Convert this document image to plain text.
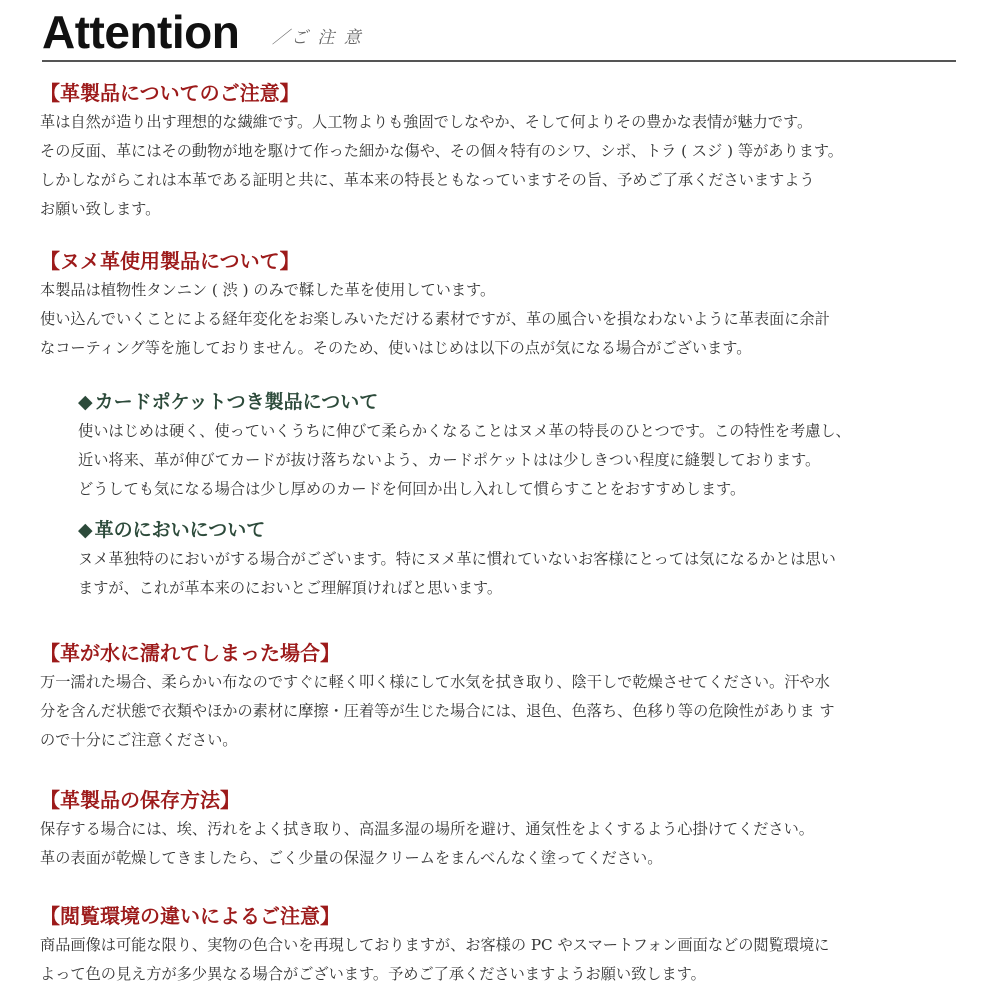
Attention ／ご 注 意
【革製品についてのご注意】
革は自然が造り出す理想的な繊維です。人工物よりも強固でしなやか、そして何よりその豊かな表情が魅力です。
その反面、革にはその動物が地を駆けて作った細かな傷や、その個々特有のシワ、シボ、トラ ( スジ ) 等があります。
しかしながらこれは本革である証明と共に、革本来の特長ともなっていますその旨、予めご了承くださいますよう
お願い致します。
【ヌメ革使用製品について】
本製品は植物性タンニン ( 渋 ) のみで鞣した革を使用しています。
使い込んでいくことによる経年変化をお楽しみいただける素材ですが、革の風合いを損なわないように革表面に余計
なコーティング等を施しておりません。そのため、使いはじめは以下の点が気になる場合がございます。
◆ カードポケットつき製品について
使いはじめは硬く、使っていくうちに伸びて柔らかくなることはヌメ革の特長のひとつです。この特性を考慮し、
近い将来、革が伸びてカードが抜け落ちないよう、カードポケットはは少しきつい程度に縫製しております。
どうしても気になる場合は少し厚めのカードを何回か出し入れして慣らすことをおすすめします。
◆ 革のにおいについて
ヌメ革独特のにおいがする場合がございます。特にヌメ革に慣れていないお客様にとっては気になるかとは思い
ますが、これが革本来のにおいとご理解頂ければと思います。
【革が水に濡れてしまった場合】
万一濡れた場合、柔らかい布なのですぐに軽く叩く様にして水気を拭き取り、陰干しで乾燥させてください。汗や水
分を含んだ状態で衣類やほかの素材に摩擦・圧着等が生じた場合には、退色、色落ち、色移り等の危険性がありま す
ので十分にご注意ください。
【革製品の保存方法】
保存する場合には、埃、汚れをよく拭き取り、高温多湿の場所を避け、通気性をよくするよう心掛けてください。
革の表面が乾燥してきましたら、ごく少量の保湿クリームをまんべんなく塗ってください。
【閲覧環境の違いによるご注意】
商品画像は可能な限り、実物の色合いを再現しておりますが、お客様の PC やスマートフォン画面などの閲覧環境に
よって色の見え方が多少異なる場合がございます。予めご了承くださいますようお願い致します。
